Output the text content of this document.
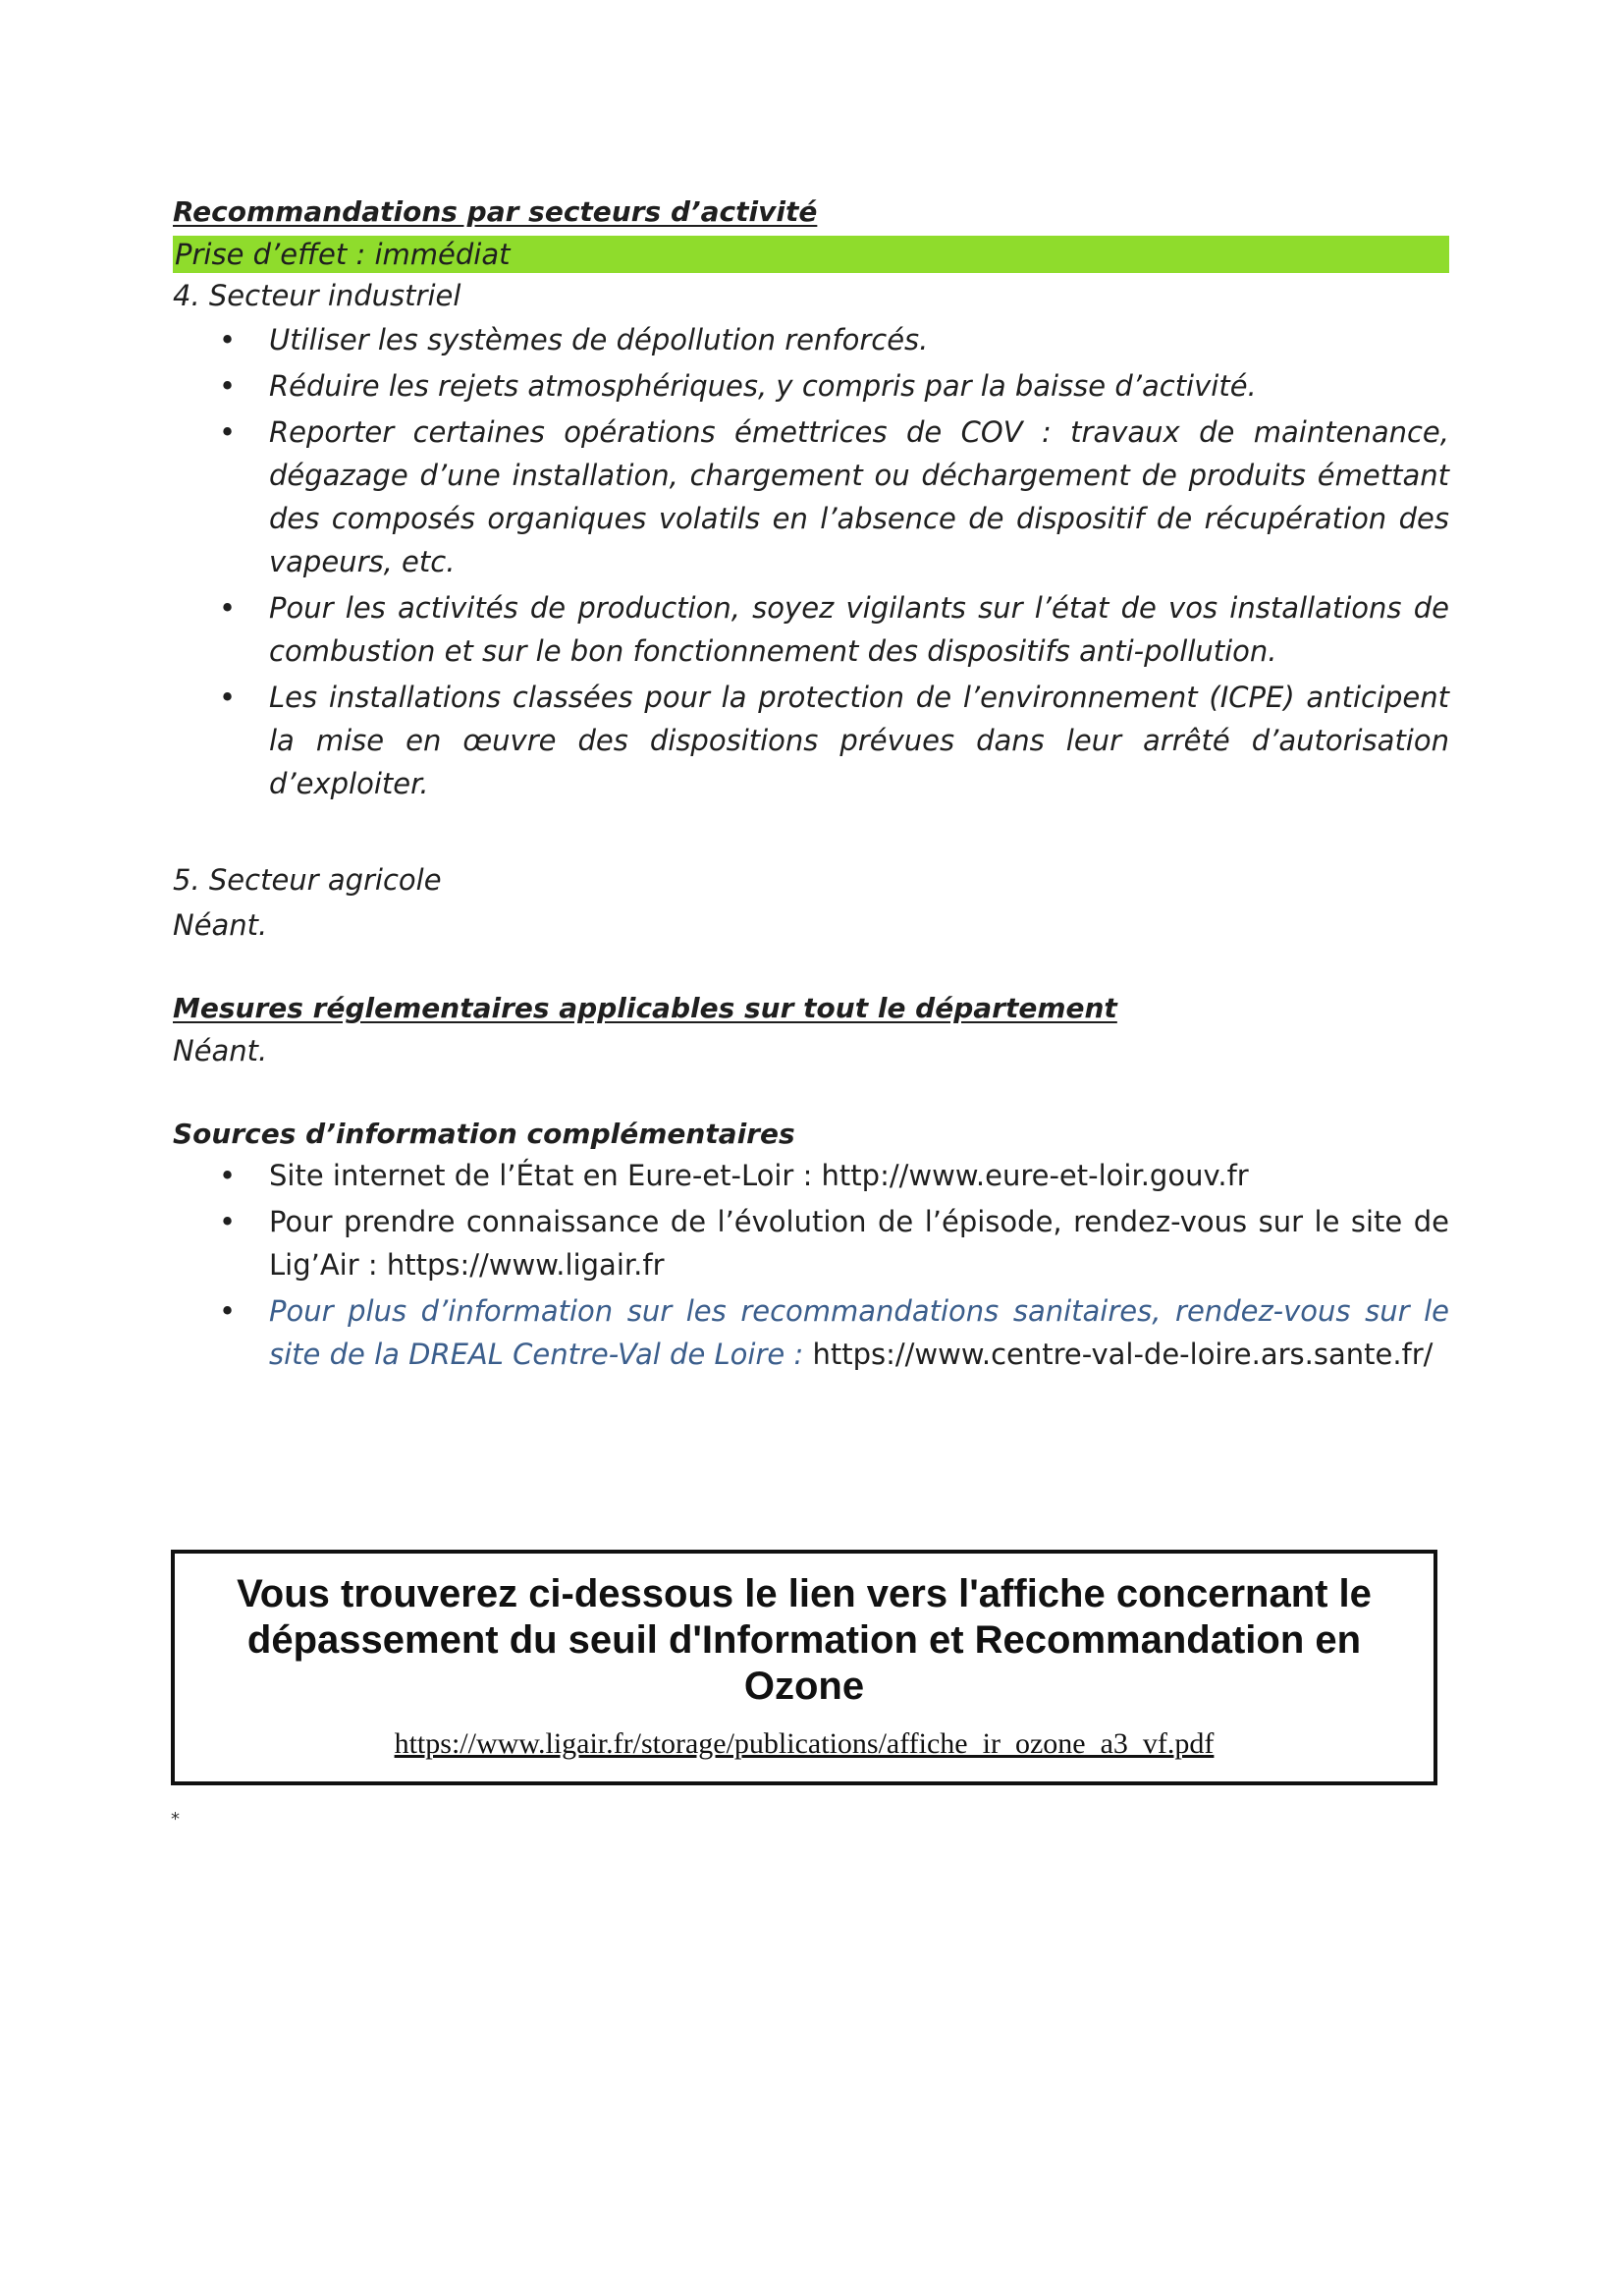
Recommandations par secteurs d’activité

Prise d’effet : immédiat

4. Secteur industriel

• Utiliser les systèmes de dépollution renforcés.
• Réduire les rejets atmosphériques, y compris par la baisse d’activité.
• Reporter certaines opérations émettrices de COV : travaux de maintenance, dégazage d’une installation, chargement ou déchargement de produits émettant des composés organiques volatils en l’absence de dispositif de récupération des vapeurs, etc.
• Pour les activités de production, soyez vigilants sur l’état de vos installations de combustion et sur le bon fonctionnement des dispositifs anti-pollution.
• Les installations classées pour la protection de l’environnement (ICPE) anticipent la mise en œuvre des dispositions prévues dans leur arrêté d’autorisation d’exploiter.

5. Secteur agricole

Néant.

Mesures réglementaires applicables sur tout le département

Néant.

Sources d’information complémentaires

• Site internet de l’État en Eure-et-Loir : http://www.eure-et-loir.gouv.fr
• Pour prendre connaissance de l’évolution de l’épisode, rendez-vous sur le site de Lig’Air : https://www.ligair.fr
• Pour plus d’information sur les recommandations sanitaires, rendez-vous sur le site de la DREAL Centre-Val de Loire : https://www.centre-val-de-loire.ars.sante.fr/
Vous trouverez ci-dessous le lien vers l'affiche concernant le dépassement du seuil d'Information et Recommandation en Ozone
https://www.ligair.fr/storage/publications/affiche_ir_ozone_a3_vf.pdf
*
